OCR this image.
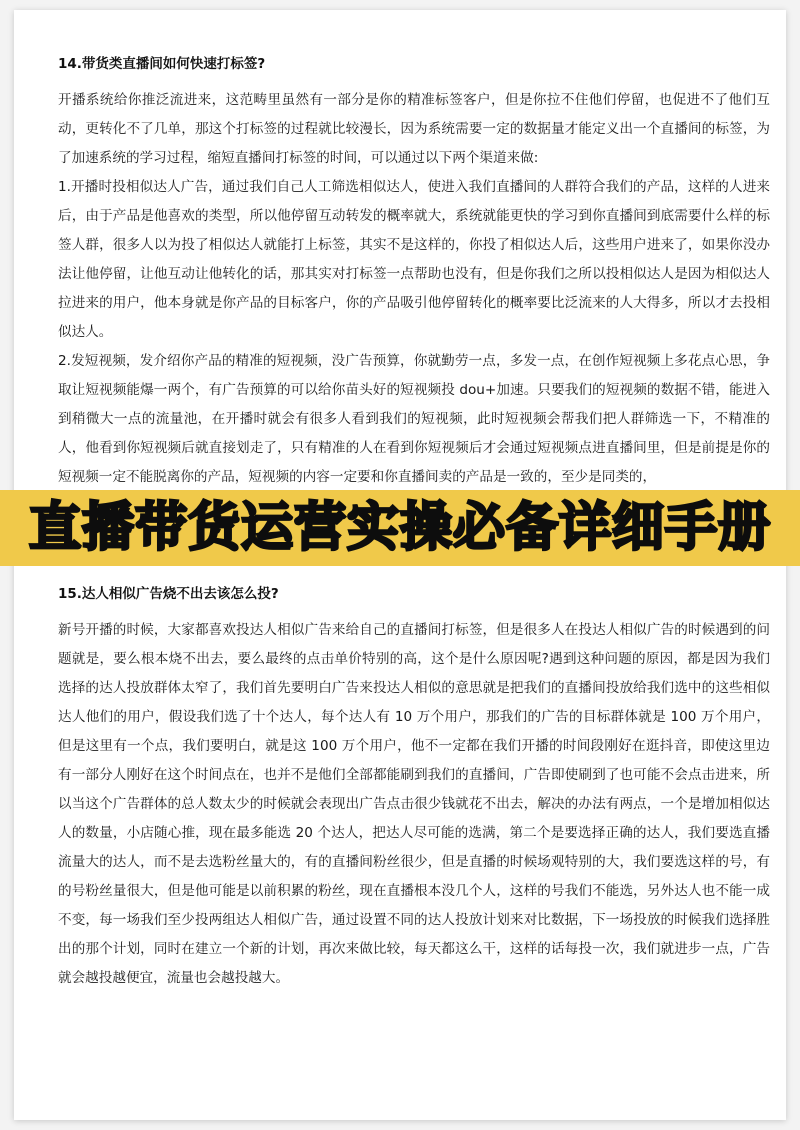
14.带货类直播间如何快速打标签?

开播系统给你推泛流进来，这范畴里虽然有一部分是你的精准标签客户，但是你拉不住他们停留，也促进不了他们互动，更转化不了几单，那这个打标签的过程就比较漫长，因为系统需要一定的数据量才能定义出一个直播间的标签，为了加速系统的学习过程，缩短直播间打标签的时间，可以通过以下两个渠道来做:

1.开播时投相似达人广告，通过我们自己人工筛选相似达人，使进入我们直播间的人群符合我们的产品，这样的人进来后，由于产品是他喜欢的类型，所以他停留互动转发的概率就大，系统就能更快的学习到你直播间到底需要什么样的标签人群，很多人以为投了相似达人就能打上标签，其实不是这样的，你投了相似达人后，这些用户进来了，如果你没办法让他停留，让他互动让他转化的话，那其实对打标签一点帮助也没有，但是你我们之所以投相似达人是因为相似达人拉进来的用户，他本身就是你产品的目标客户，你的产品吸引他停留转化的概率要比泛流来的人大得多，所以才去投相似达人。

2.发短视频，发介绍你产品的精准的短视频，没广告预算，你就勤劳一点，多发一点，在创作短视频上多花点心思，争取让短视频能爆一两个，有广告预算的可以给你苗头好的短视频投 dou+加速。只要我们的短视频的数据不错，能进入到稍微大一点的流量池，在开播时就会有很多人看到我们的短视频，此时短视频会帮我们把人群筛选一下，不精准的人，他看到你短视频后就直接划走了，只有精准的人在看到你短视频后才会通过短视频点进直播间里，但是前提是你的短视频一定不能脱离你的产品，短视频的内容一定要和你直播间卖的产品是一致的，至少是同类的，

15.达人相似广告烧不出去该怎么投?

新号开播的时候，大家都喜欢投达人相似广告来给自己的直播间打标签，但是很多人在投达人相似广告的时候遇到的问题就是，要么根本烧不出去，要么最终的点击单价特别的高，这个是什么原因呢?遇到这种问题的原因，都是因为我们选择的达人投放群体太窄了，我们首先要明白广告来投达人相似的意思就是把我们的直播间投放给我们选中的这些相似达人他们的用户，假设我们选了十个达人，每个达人有 10 万个用户，那我们的广告的目标群体就是 100 万个用户，但是这里有一个点，我们要明白，就是这 100 万个用户，他不一定都在我们开播的时间段刚好在逛抖音，即使这里边有一部分人刚好在这个时间点在，也并不是他们全部都能刷到我们的直播间，广告即使刷到了也可能不会点击进来，所以当这个广告群体的总人数太少的时候就会表现出广告点击很少钱就花不出去，解决的办法有两点，一个是增加相似达人的数量，小店随心推，现在最多能选 20 个达人，把达人尽可能的选满，第二个是要选择正确的达人，我们要选直播流量大的达人，而不是去选粉丝量大的，有的直播间粉丝很少，但是直播的时候场观特别的大，我们要选这样的号，有的号粉丝量很大，但是他可能是以前积累的粉丝，现在直播根本没几个人，这样的号我们不能选，另外达人也不能一成不变，每一场我们至少投两组达人相似广告，通过设置不同的达人投放计划来对比数据，下一场投放的时候我们选择胜出的那个计划，同时在建立一个新的计划，再次来做比较，每天都这么干，这样的话每投一次，我们就进步一点，广告就会越投越便宜，流量也会越投越大。

直播带货运营实操必备详细手册
